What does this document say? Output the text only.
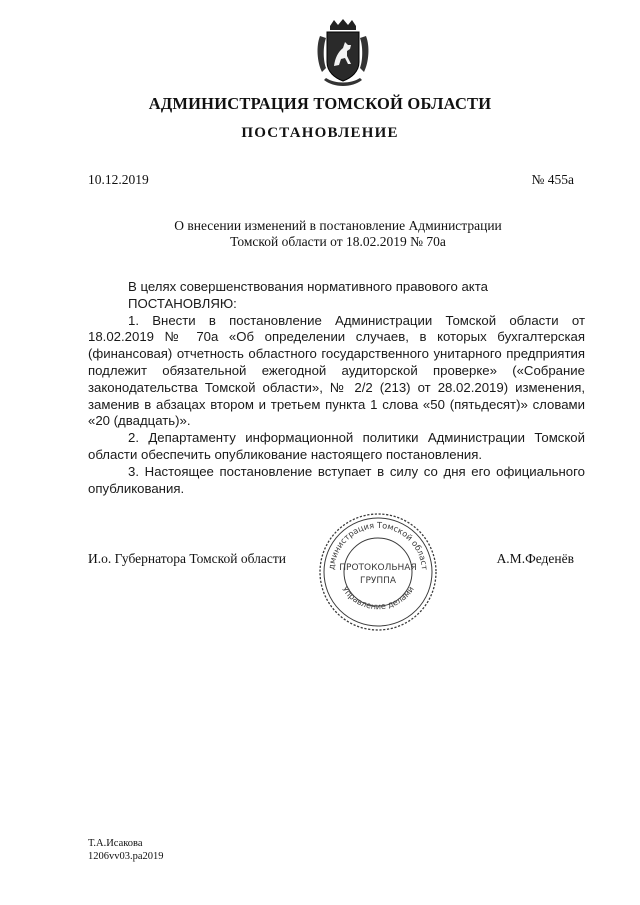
АДМИНИСТРАЦИЯ ТОМСКОЙ ОБЛАСТИ
ПОСТАНОВЛЕНИЕ
10.12.2019	№ 455а
О внесении изменений в постановление Администрации
Томской области от 18.02.2019 № 70а
В целях совершенствования нормативного правового акта
ПОСТАНОВЛЯЮ:

1. Внести в постановление Администрации Томской области от 18.02.2019 № 70а «Об определении случаев, в которых бухгалтерская (финансовая) отчетность областного государственного унитарного предприятия подлежит обязательной ежегодной аудиторской проверке» («Собрание законодательства Томской области», № 2/2 (213) от 28.02.2019) изменения, заменив в абзацах втором и третьем пункта 1 слова «50 (пятьдесят)» словами «20 (двадцать)».

2. Департаменту информационной политики Администрации Томской области обеспечить опубликование настоящего постановления.

3. Настоящее постановление вступает в силу со дня его официального опубликования.

И.о. Губернатора Томской области	А.М.Феденёв
дминистрация Томской област
Управление делами
ПРОТОКОЛЬНАЯ
ГРУППА
Т.А.Исакова
1206vv03.pa2019
